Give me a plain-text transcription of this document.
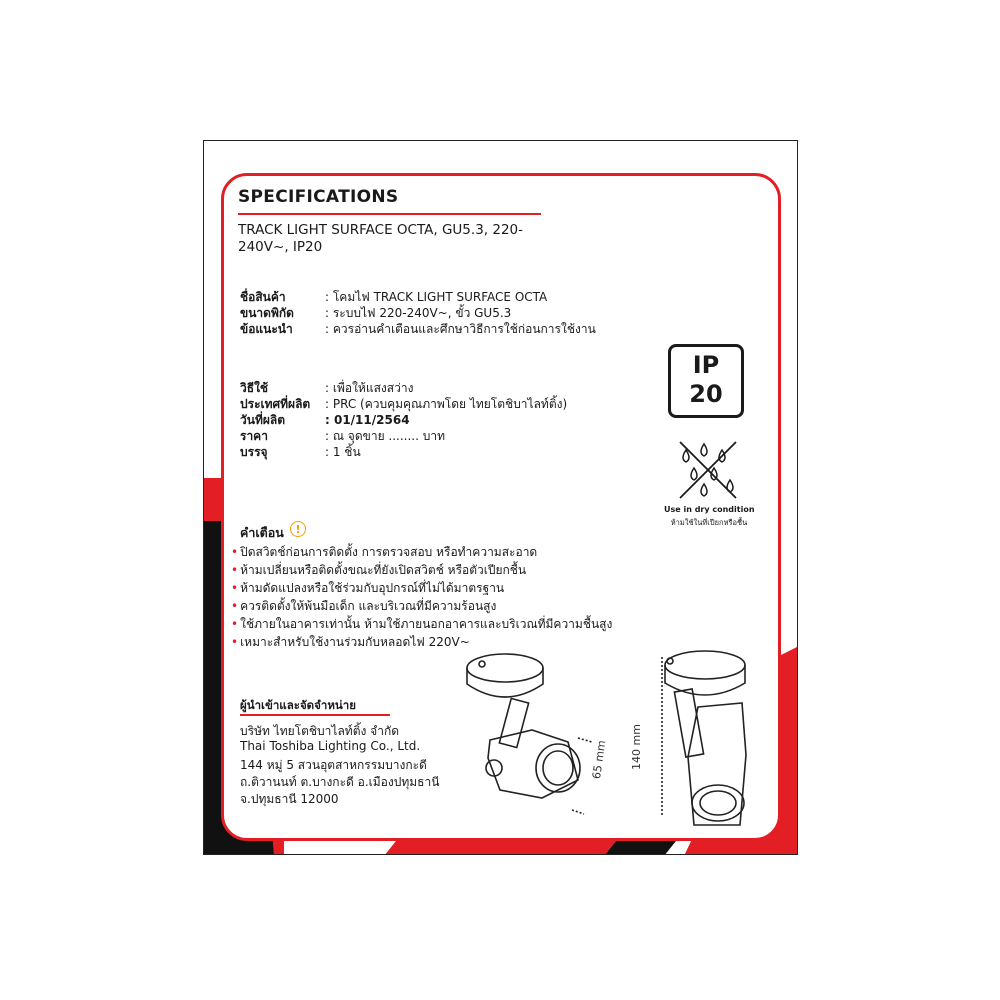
SPECIFICATIONS
TRACK LIGHT SURFACE OCTA, GU5.3, 220-240V~, IP20
ชื่อสินค้า	: โคมไฟ TRACK LIGHT SURFACE OCTA
ขนาดพิกัด	: ระบบไฟ 220-240V~, ขั้ว GU5.3
ข้อแนะนำ	: ควรอ่านคำเตือนและศึกษาวิธีการใช้ก่อนการใช้งาน
วิธีใช้	: เพื่อให้แสงสว่าง
ประเทศที่ผลิต : PRC (ควบคุมคุณภาพโดย ไทยโตชิบาไลท์ติ้ง)
วันที่ผลิต	: 01/11/2564
ราคา	: ณ จุดขาย ........ บาท
บรรจุ	: 1 ชิ้น
IP
20
Use in dry condition
ห้ามใช้ในที่เปียกหรือชื้น
คำเตือน	!
• ปิดสวิตช์ก่อนการติดตั้ง การตรวจสอบ หรือทำความสะอาด
• ห้ามเปลี่ยนหรือติดตั้งขณะที่ยังเปิดสวิตช์ หรือตัวเปียกชื้น
• ห้ามดัดแปลงหรือใช้ร่วมกับอุปกรณ์ที่ไม่ได้มาตรฐาน
• ควรติดตั้งให้พ้นมือเด็ก และบริเวณที่มีความร้อนสูง
• ใช้ภายในอาคารเท่านั้น ห้ามใช้ภายนอกอาคารและบริเวณที่มีความชื้นสูง
• เหมาะสำหรับใช้งานร่วมกับหลอดไฟ 220V~
ผู้นำเข้าและจัดจำหน่าย
บริษัท ไทยโตชิบาไลท์ติ้ง จำกัด
Thai Toshiba Lighting Co., Ltd.
144 หมู่ 5 สวนอุตสาหกรรมบางกะดี
ถ.ติวานนท์ ต.บางกะดี อ.เมืองปทุมธานี
จ.ปทุมธานี 12000
65 mm 140 mm
